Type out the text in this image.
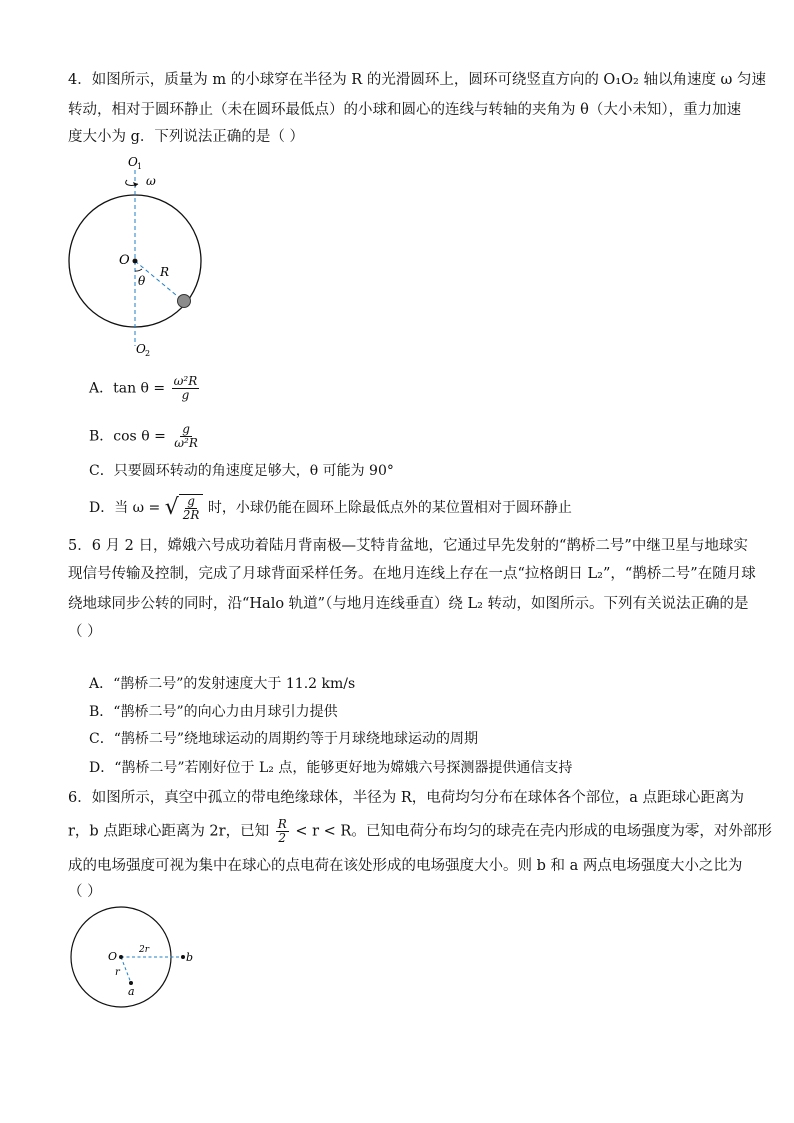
4．如图所示，质量为 m 的小球穿在半径为 R 的光滑圆环上，圆环可绕竖直方向的 O₁O₂ 轴以角速度 ω 匀速
转动，相对于圆环静止（未在圆环最低点）的小球和圆心的连线与转轴的夹角为 θ（大小未知），重力加速
度大小为 g．下列说法正确的是（ ）
O 1
ω
O
R
θ
O 2
A．$\tan \theta = \frac{\text{ω²R}}{g}$
B．$\cos \theta = \frac{g}{\text{ω²R}}$
C．只要圆环转动的角速度足够大，θ 可能为 90°
D．当 ω = √ $\frac{g}{2R}$ 时，小球仍能在圆环上除最低点外的某位置相对于圆环静止
5．6 月 2 日，嫦娥六号成功着陆月背南极—艾特肯盆地，它通过早先发射的“鹊桥二号”中继卫星与地球实
现信号传输及控制，完成了月球背面采样任务。在地月连线上存在一点“拉格朗日 L₂”，“鹊桥二号”在随月球
绕地球同步公转的同时，沿“Halo 轨道”（与地月连线垂直）绕 L₂ 转动，如图所示。下列有关说法正确的是
（ ）
A．“鹊桥二号”的发射速度大于 11.2 km/s
B．“鹊桥二号”的向心力由月球引力提供
C．“鹊桥二号”绕地球运动的周期约等于月球绕地球运动的周期
D．“鹊桥二号”若刚好位于 L₂ 点，能够更好地为嫦娥六号探测器提供通信支持
6．如图所示，真空中孤立的带电绝缘球体，半径为 R，电荷均匀分布在球体各个部位，a 点距球心距离为
r，b 点距球心距离为 2r，已知 $\frac{R}{2} < r < R$。已知电荷分布均匀的球壳在壳内形成的电场强度为零，对外部形
成的电场强度可视为集中在球心的点电荷在该处形成的电场强度大小。则 b 和 a 两点电场强度大小之比为
（ ）
O 2r
b
r
a
